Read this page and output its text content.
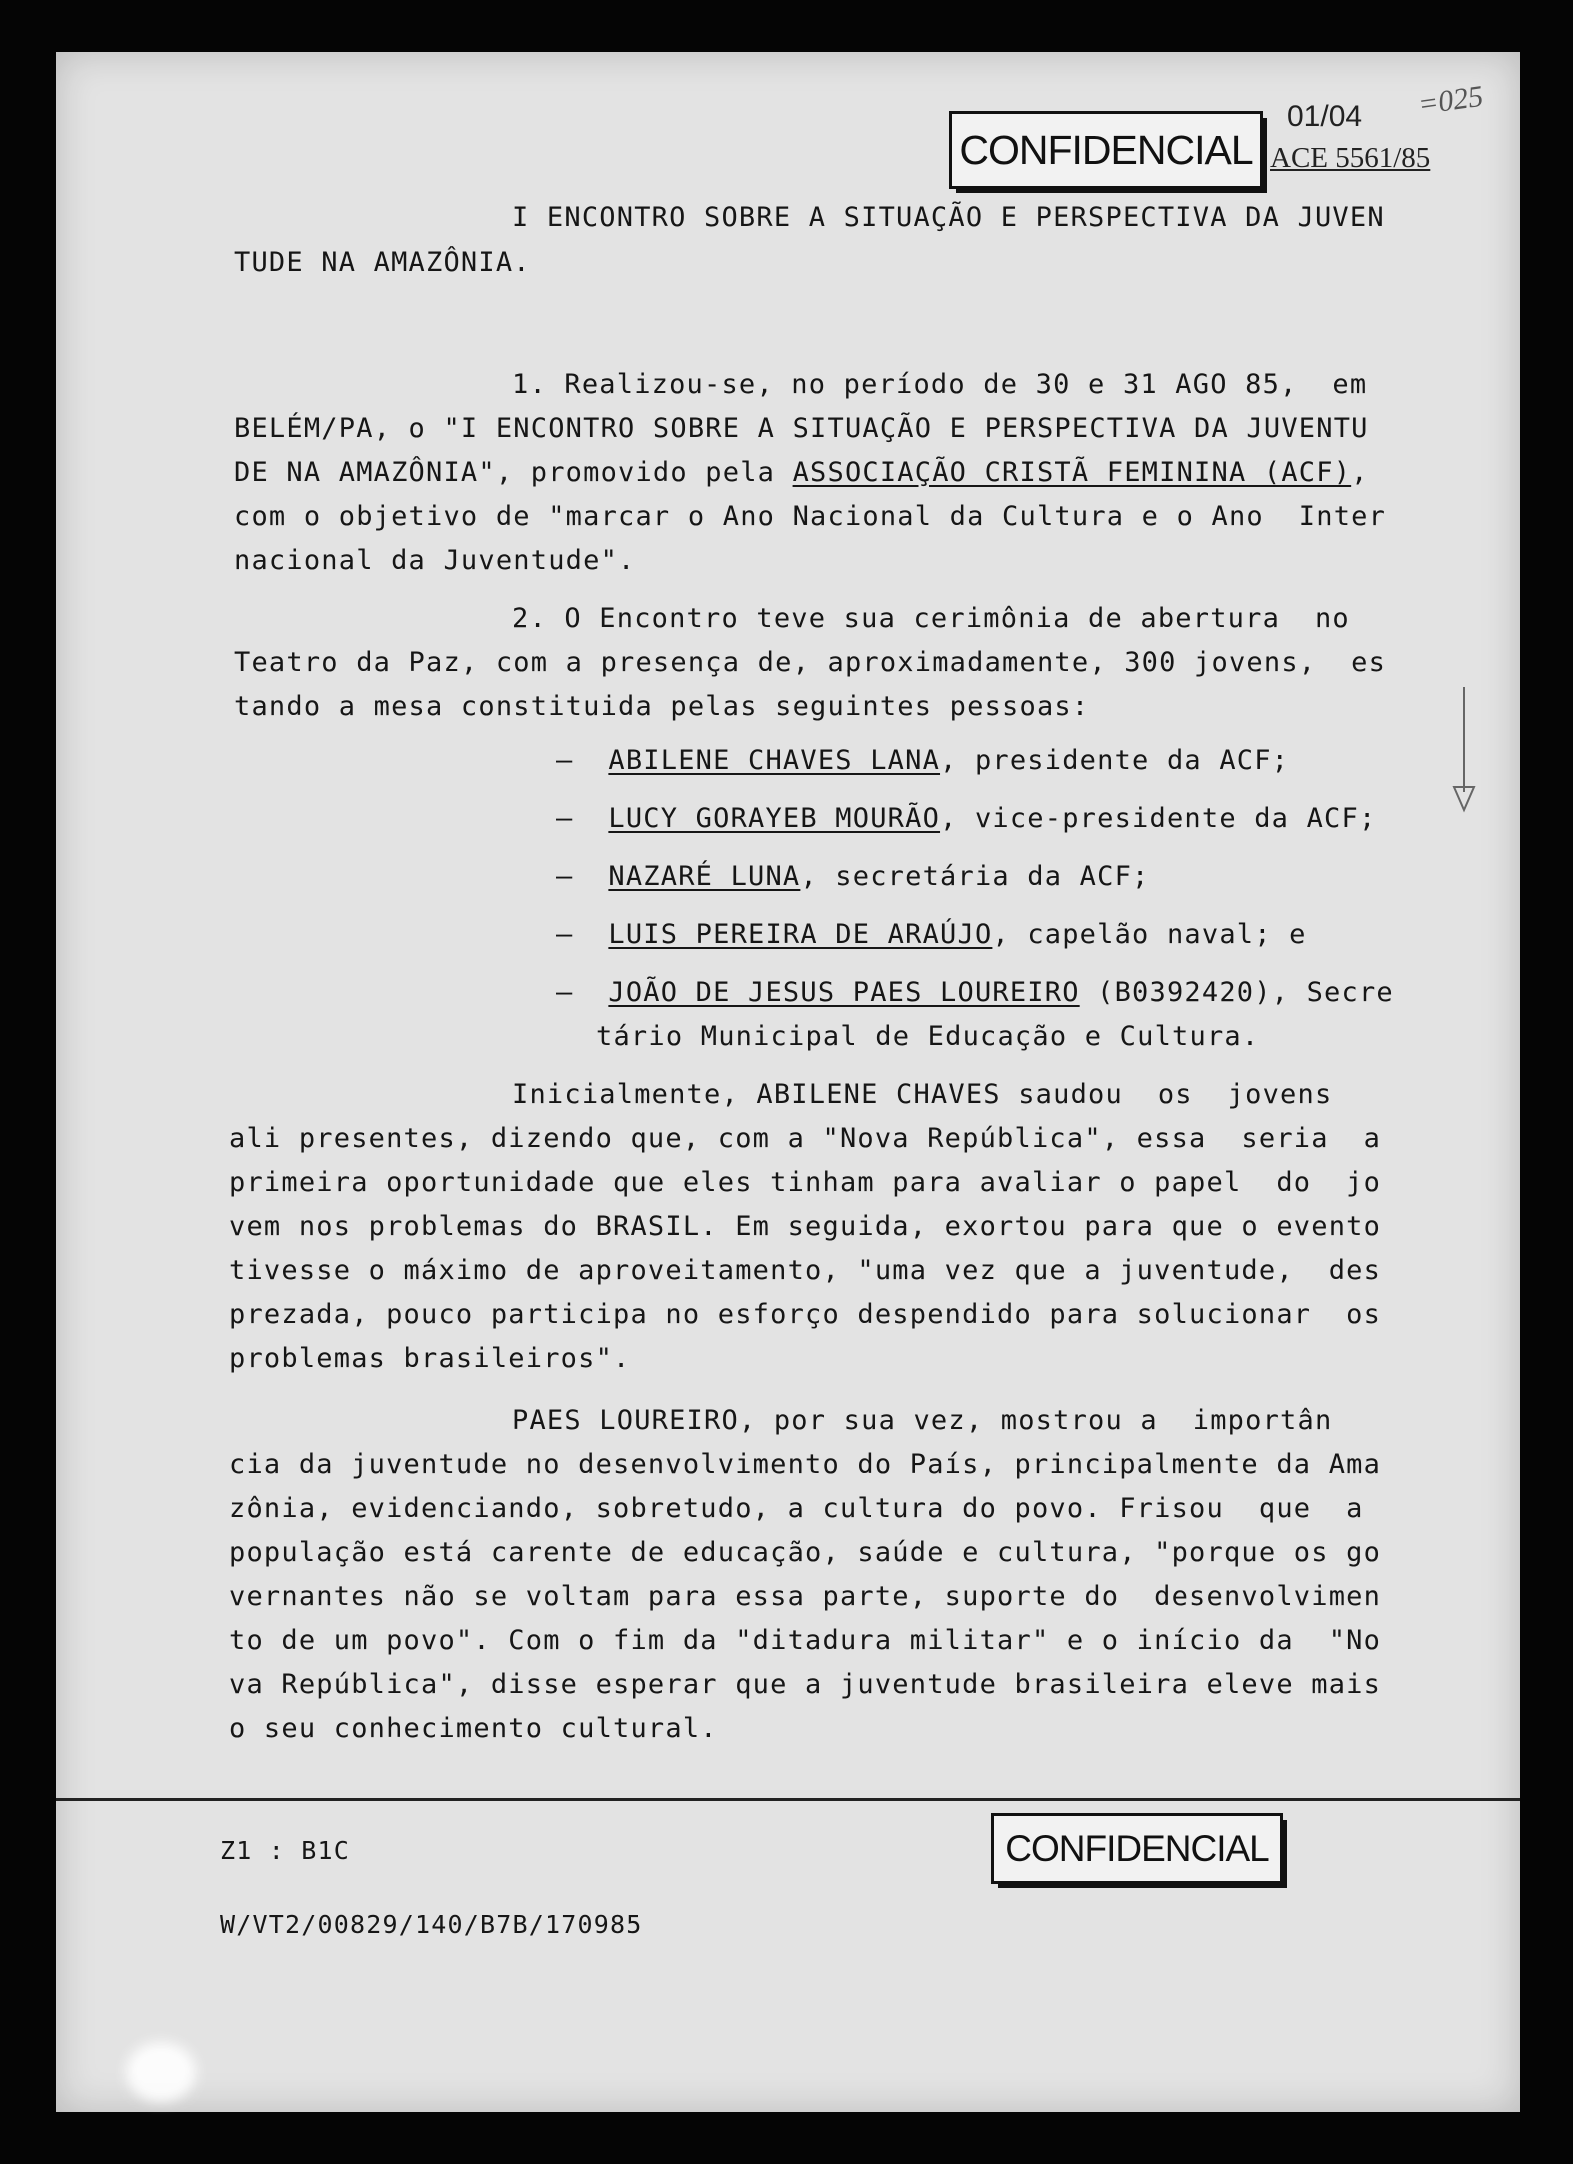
CONFIDENCIAL
01/04
ACE 5561/85
=025
I ENCONTRO SOBRE A SITUAÇÃO E PERSPECTIVA DA JUVEN
TUDE NA AMAZÔNIA.
1. Realizou-se, no período de 30 e 31 AGO 85,  em
BELÉM/PA, o "I ENCONTRO SOBRE A SITUAÇÃO E PERSPECTIVA DA JUVENTU
DE NA AMAZÔNIA", promovido pela ASSOCIAÇÃO CRISTÃ FEMININA (ACF),
com o objetivo de "marcar o Ano Nacional da Cultura e o Ano  Inter
nacional da Juventude".
2. O Encontro teve sua cerimônia de abertura  no
Teatro da Paz, com a presença de, aproximadamente, 300 jovens,  es
tando a mesa constituida pelas seguintes pessoas:
–  ABILENE CHAVES LANA, presidente da ACF;
–  LUCY GORAYEB MOURÃO, vice-presidente da ACF;
–  NAZARÉ LUNA, secretária da ACF;
–  LUIS PEREIRA DE ARAÚJO, capelão naval; e
–  JOÃO DE JESUS PAES LOUREIRO (B0392420), Secre
tário Municipal de Educação e Cultura.
Inicialmente, ABILENE CHAVES saudou  os  jovens
ali presentes, dizendo que, com a "Nova República", essa  seria  a
primeira oportunidade que eles tinham para avaliar o papel  do  jo
vem nos problemas do BRASIL. Em seguida, exortou para que o evento
tivesse o máximo de aproveitamento, "uma vez que a juventude,  des
prezada, pouco participa no esforço despendido para solucionar  os
problemas brasileiros".
PAES LOUREIRO, por sua vez, mostrou a  importân
cia da juventude no desenvolvimento do País, principalmente da Ama
zônia, evidenciando, sobretudo, a cultura do povo. Frisou  que  a
população está carente de educação, saúde e cultura, "porque os go
vernantes não se voltam para essa parte, suporte do  desenvolvimen
to de um povo". Com o fim da "ditadura militar" e o início da  "No
va República", disse esperar que a juventude brasileira eleve mais
o seu conhecimento cultural.
Z1 : B1C	CONFIDENCIAL
W/VT2/00829/140/B7B/170985
